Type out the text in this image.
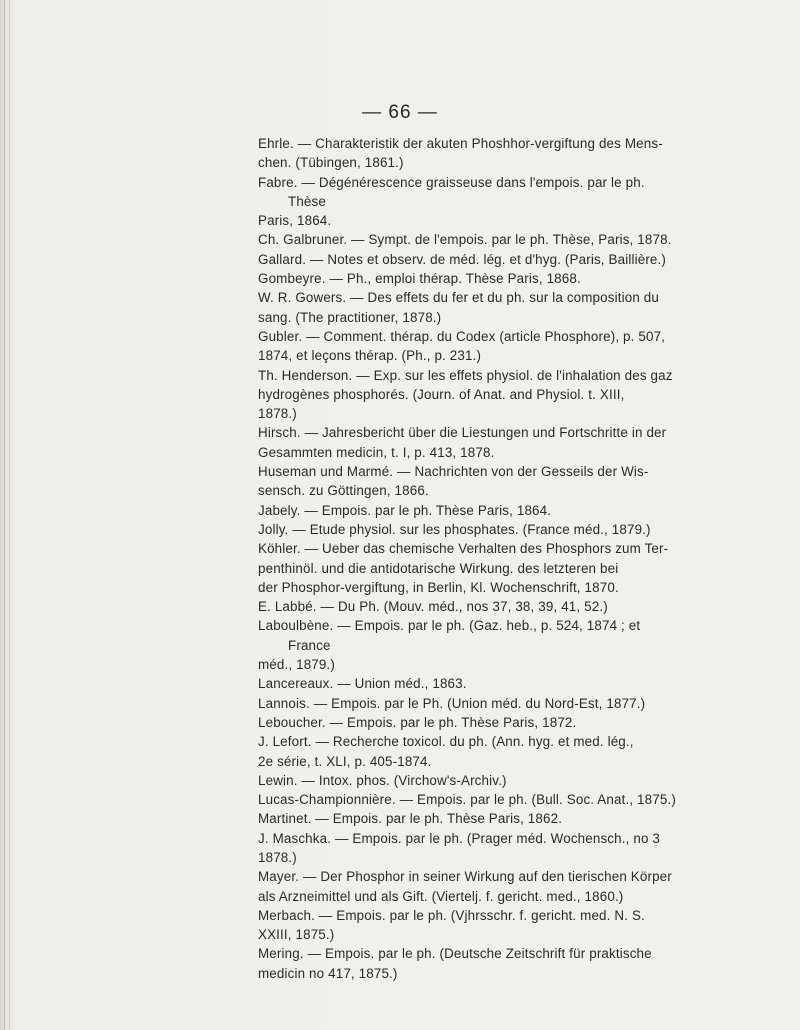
— 66 —
Ehrle. — Charakteristik der akuten Phoshhor-vergiftung des Mens-
chen. (Tübingen, 1861.)
Fabre. — Dégénérescence graisseuse dans l'empois. par le ph. Thèse
Paris, 1864.
Ch. Galbruner. — Sympt. de l'empois. par le ph. Thèse, Paris, 1878.
Gallard. — Notes et observ. de méd. lég. et d'hyg. (Paris, Baillière.)
Gombeyre. — Ph., emploi thérap. Thèse Paris, 1868.
W. R. Gowers. — Des effets du fer et du ph. sur la composition du
sang. (The practitioner, 1878.)
Gubler. — Comment. thérap. du Codex (article Phosphore), p. 507,
1874, et leçons thérap. (Ph., p. 231.)
Th. Henderson. — Exp. sur les effets physiol. de l'inhalation des gaz
hydrogènes phosphorés. (Journ. of Anat. and Physiol. t. XIII,
1878.)
Hirsch. — Jahresbericht über die Liestungen und Fortschritte in der
Gesammten medicin, t. I, p. 413, 1878.
Huseman und Marmé. — Nachrichten von der Gesseils der Wis-
sensch. zu Göttingen, 1866.
Jabely. — Empois. par le ph. Thèse Paris, 1864.
Jolly. — Etude physiol. sur les phosphates. (France méd., 1879.)
Köhler. — Ueber das chemische Verhalten des Phosphors zum Ter-
penthinöl. und die antidotarische Wirkung. des letzteren bei
der Phosphor-vergiftung, in Berlin, Kl. Wochenschrift, 1870.
E. Labbé. — Du Ph. (Mouv. méd., nos 37, 38, 39, 41, 52.)
Laboulbène. — Empois. par le ph. (Gaz. heb., p. 524, 1874 ; et France
méd., 1879.)
Lancereaux. — Union méd., 1863.
Lannois. — Empois. par le Ph. (Union méd. du Nord-Est, 1877.)
Leboucher. — Empois. par le ph. Thèse Paris, 1872.
J. Lefort. — Recherche toxicol. du ph. (Ann. hyg. et med. lég.,
2e série, t. XLI, p. 405-1874.
Lewin. — Intox. phos. (Virchow's-Archiv.)
Lucas-Championnière. — Empois. par le ph. (Bull. Soc. Anat., 1875.)
Martinet. — Empois. par le ph. Thèse Paris, 1862.
J. Maschka. — Empois. par le ph. (Prager méd. Wochensch., no 3
1878.)
Mayer. — Der Phosphor in seiner Wirkung auf den tierischen Körper
als Arzneimittel und als Gift. (Viertelj. f. gericht. med., 1860.)
Merbach. — Empois. par le ph. (Vjhrsschr. f. gericht. med. N. S.
XXIII, 1875.)
Mering. — Empois. par le ph. (Deutsche Zeitschrift für praktische
medicin no 417, 1875.)
